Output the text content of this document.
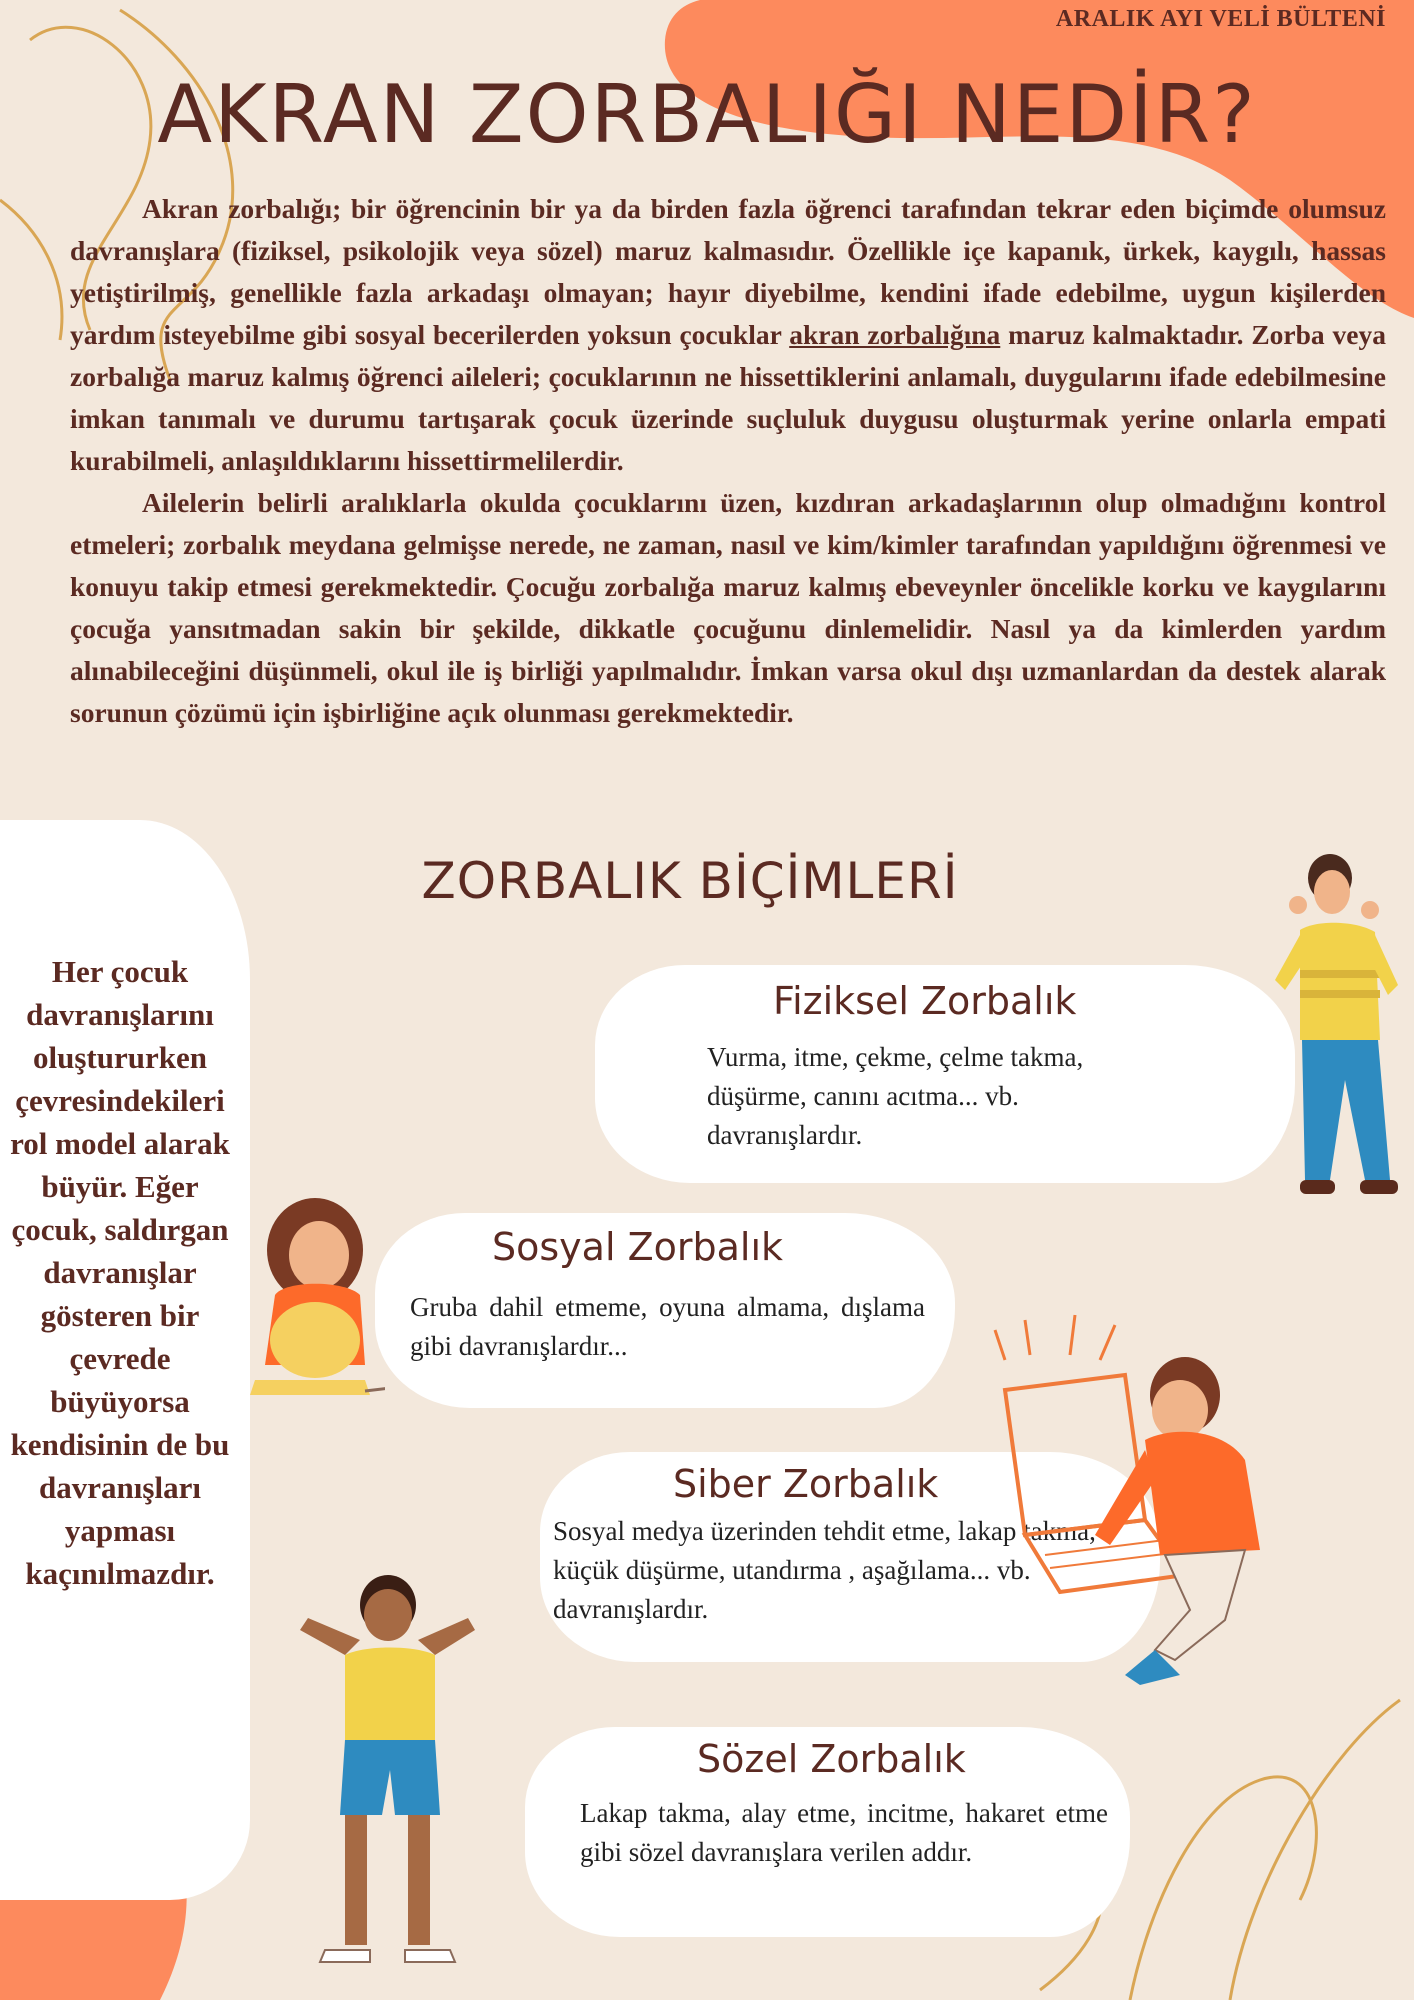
ARALIK AYI VELİ BÜLTENİ
AKRAN ZORBALIĞI NEDİR?

Akran zorbalığı; bir öğrencinin bir ya da birden fazla öğrenci tarafından tekrar eden biçimde olumsuz davranışlara (fiziksel, psikolojik veya sözel) maruz kalmasıdır. Özellikle içe kapanık, ürkek, kaygılı, hassas yetiştirilmiş, genellikle fazla arkadaşı olmayan; hayır diyebilme, kendini ifade edebilme, uygun kişilerden yardım isteyebilme gibi sosyal becerilerden yoksun çocuklar akran zorbalığına maruz kalmaktadır. Zorba veya zorbalığa maruz kalmış öğrenci aileleri; çocuklarının ne hissettiklerini anlamalı, duygularını ifade edebilmesine imkan tanımalı ve durumu tartışarak çocuk üzerinde suçluluk duygusu oluşturmak yerine onlarla empati kurabilmeli, anlaşıldıklarını hissettirmelilerdir.

Ailelerin belirli aralıklarla okulda çocuklarını üzen, kızdıran arkadaşlarının olup olmadığını kontrol etmeleri; zorbalık meydana gelmişse nerede, ne zaman, nasıl ve kim/kimler tarafından yapıldığını öğrenmesi ve konuyu takip etmesi gerekmektedir. Çocuğu zorbalığa maruz kalmış ebeveynler öncelikle korku ve kaygılarını çocuğa yansıtmadan sakin bir şekilde, dikkatle çocuğunu dinlemelidir. Nasıl ya da kimlerden yardım alınabileceğini düşünmeli, okul ile iş birliği yapılmalıdır. İmkan varsa okul dışı uzmanlardan da destek alarak sorunun çözümü için işbirliğine açık olunması gerekmektedir.

Her çocuk davranışlarını oluştururken çevresindekileri rol model alarak büyür. Eğer çocuk, saldırgan davranışlar gösteren bir çevrede büyüyorsa kendisinin de bu davranışları yapması kaçınılmazdır.
ZORBALIK BİÇİMLERİ
Fiziksel Zorbalık
Vurma, itme, çekme, çelme takma, düşürme, canını acıtma... vb. davranışlardır.
Sosyal Zorbalık
Gruba dahil etmeme, oyuna almama, dışlama gibi davranışlardır...
Siber Zorbalık
Sosyal medya üzerinden tehdit etme, lakap takma, küçük düşürme, utandırma , aşağılama... vb. davranışlardır.
Sözel Zorbalık
Lakap takma, alay etme, incitme, hakaret etme gibi sözel davranışlara verilen addır.
